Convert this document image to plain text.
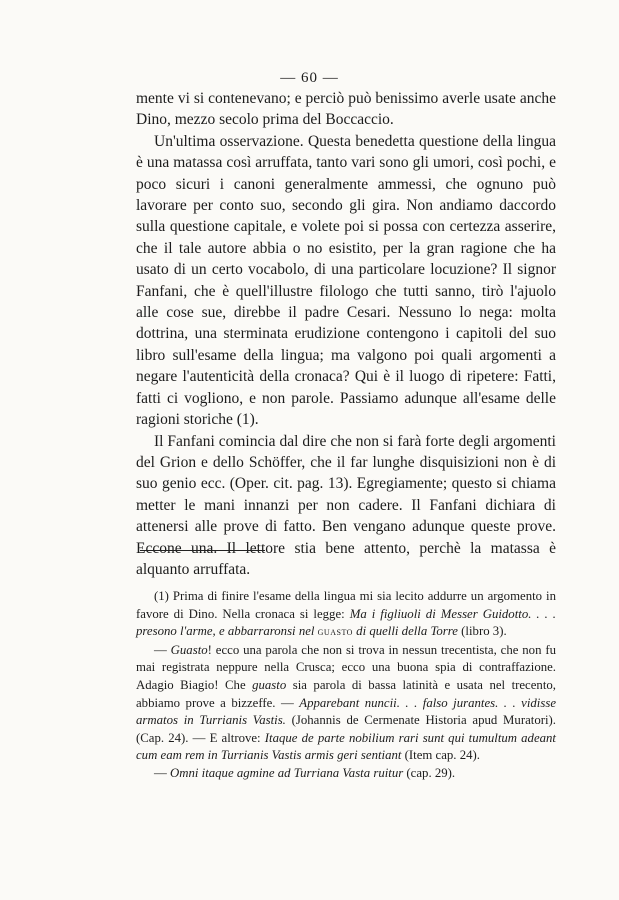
— 60 —

mente vi si contenevano; e perciò può benissimo averle usate anche Dino, mezzo secolo prima del Boccaccio.

Un'ultima osservazione. Questa benedetta questione della lingua è una matassa così arruffata, tanto vari sono gli umori, così pochi, e poco sicuri i canoni generalmente ammessi, che ognuno può lavorare per conto suo, secondo gli gira. Non andiamo daccordo sulla questione capitale, e volete poi si possa con certezza asserire, che il tale autore abbia o no esistito, per la gran ragione che ha usato di un certo vocabolo, di una particolare locuzione? Il signor Fanfani, che è quell'illustre filologo che tutti sanno, tirò l'ajuolo alle cose sue, direbbe il padre Cesari. Nessuno lo nega: molta dottrina, una sterminata erudizione contengono i capitoli del suo libro sull'esame della lingua; ma valgono poi quali argomenti a negare l'autenticità della cronaca? Qui è il luogo di ripetere: Fatti, fatti ci vogliono, e non parole. Passiamo adunque all'esame delle ragioni storiche (1).

Il Fanfani comincia dal dire che non si farà forte degli argomenti del Grion e dello Schöffer, che il far lunghe disquisizioni non è di suo genio ecc. (Oper. cit. pag. 13). Egregiamente; questo si chiama metter le mani innanzi per non cadere. Il Fanfani dichiara di attenersi alle prove di fatto. Ben vengano adunque queste prove. Eccone una. Il lettore stia bene attento, perchè la matassa è alquanto arruffata.

(1) Prima di finire l'esame della lingua mi sia lecito addurre un argomento in favore di Dino. Nella cronaca si legge: Ma i figliuoli di Messer Guidotto. . . . presono l'arme, e abbarraronsi nel guasto di quelli della Torre (libro 3).

— Guasto! ecco una parola che non si trova in nessun trecentista, che non fu mai registrata neppure nella Crusca; ecco una buona spia di contraffazione. Adagio Biagio! Che guasto sia parola di bassa latinità e usata nel trecento, abbiamo prove a bizzeffe. — Apparebant nuncii. . . falso jurantes. . . vidisse armatos in Turrianis Vastis. (Johannis de Cermenate Historia apud Muratori). (Cap. 24). — E altrove: Itaque de parte nobilium rari sunt qui tumultum adeant cum eam rem in Turrianis Vastis armis geri sentiant (Item cap. 24).

— Omni itaque agmine ad Turriana Vasta ruitur (cap. 29).
